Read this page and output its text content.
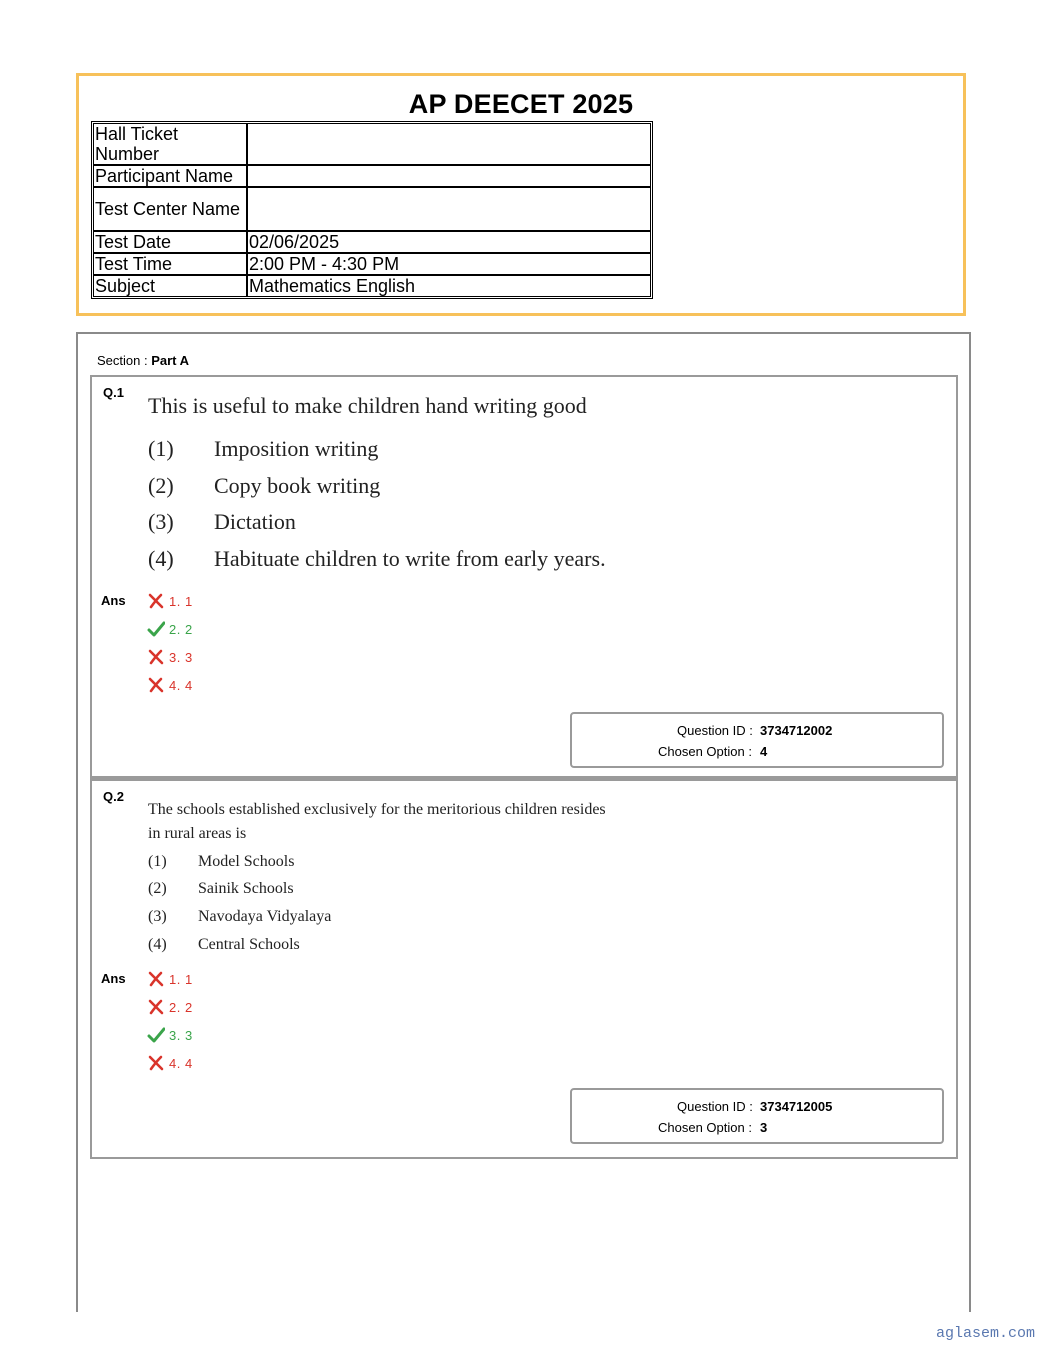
AP DEECET 2025
Hall Ticket Number	
Participant Name	
Test Center Name	
Test Date	02/06/2025
Test Time	2:00 PM - 4:30 PM
Subject	Mathematics English
Section : Part A
Q.1
This is useful to make children hand writing good
(1)	Imposition writing
(2)	Copy book writing
(3)	Dictation
(4)	Habituate children to write from early years.
Ans	1. 1
2. 2
3. 3
4. 4
Question ID : 3734712002
Chosen Option : 4
Q.2
The schools established exclusively for the meritorious children resides
in rural areas is
(1)	Model Schools
(2)	Sainik Schools
(3)	Navodaya Vidyalaya
(4)	Central Schools
Ans	1. 1
2. 2
3. 3
4. 4
Question ID : 3734712005
Chosen Option : 3
aglasem.com
